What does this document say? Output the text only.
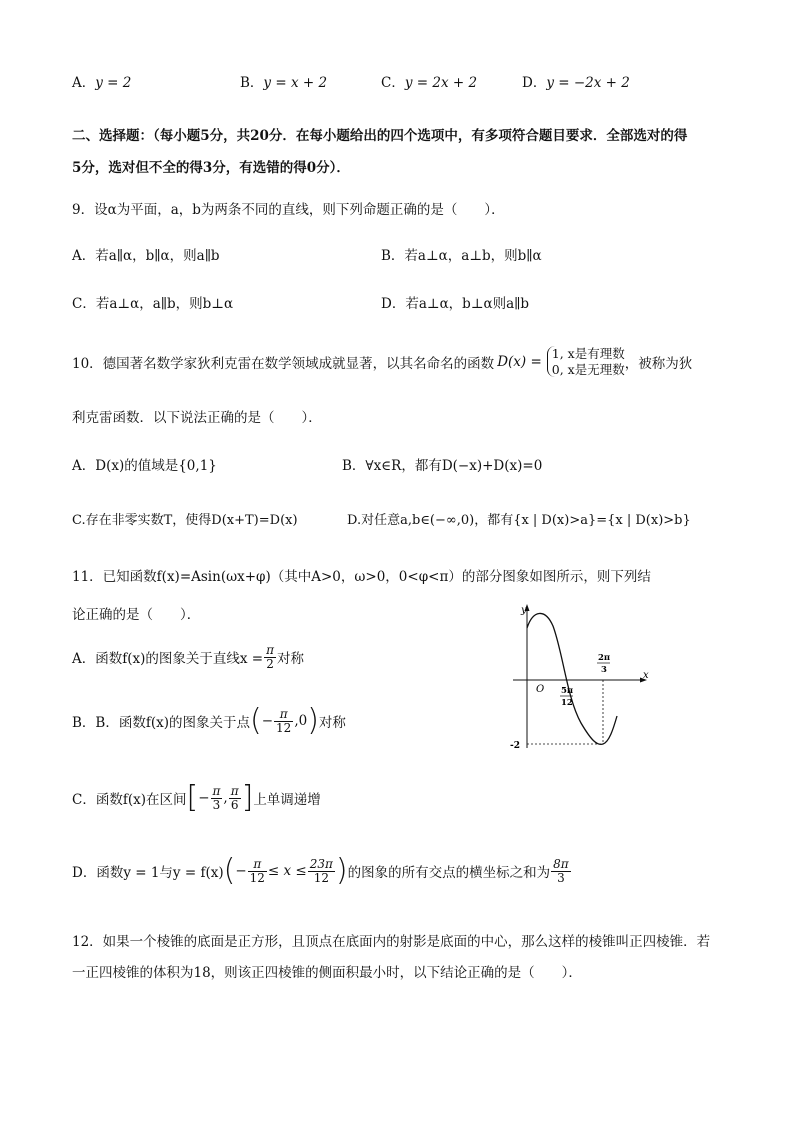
A．y = 2	B．y = x + 2	C．y = 2x + 2	D．y = −2x + 2
二、选择题：（每小题5分，共20分．在每小题给出的四个选项中，有多项符合题目要求．全部选对的得
5分，选对但不全的得3分，有选错的得0分）．
9．设α为平面，a，b为两条不同的直线，则下列命题正确的是（　　）．
A．若a∥α，b∥α，则a∥b	B．若a⊥α，a⊥b，则b∥α
C．若a⊥α，a∥b，则b⊥α	D．若a⊥α，b⊥α则a∥b
10．德国著名数学家狄利克雷在数学领域成就显著，以其名命名的函数 D(x) =
1, x是有理数
0, x是无理数 ，被称为狄
利克雷函数．以下说法正确的是（　　）．
A．D(x)的值域是{0,1}	B．∀x∈R，都有D(−x)+D(x)=0
C.存在非零实数T，使得D(x+T)=D(x)	D.对任意a,b∈(−∞,0)，都有{x | D(x)>a}={x | D(x)>b}
11．已知函数f(x)=Asin(ωx+φ)（其中A>0，ω>0，0<φ<π）的部分图象如图所示，则下列结
论正确的是（　　）．
A．函数f(x)的图象关于直线$x = \frac{\pi}{2}$ 对称
B．B．函数f(x)的图象关于点 ( − $\frac{\pi}{12} ,0$ ) 对称
C．函数f(x)在区间 [ − $\frac{\pi}{3}$ , $\frac{\pi}{6}$ ] 上单调递增
D．函数y = 1与y = f(x) ( − $\frac{\pi}{12} \le x \le \frac{23\pi}{12}$ ) 的图象的所有交点的横坐标之和为 $\frac{8\pi}{3}$
y
x
O 5π
12
2π
3
-2
12．如果一个棱锥的底面是正方形，且顶点在底面内的射影是底面的中心，那么这样的棱锥叫正四棱锥．若
一正四棱锥的体积为18，则该正四棱锥的侧面积最小时，以下结论正确的是（　　）．
